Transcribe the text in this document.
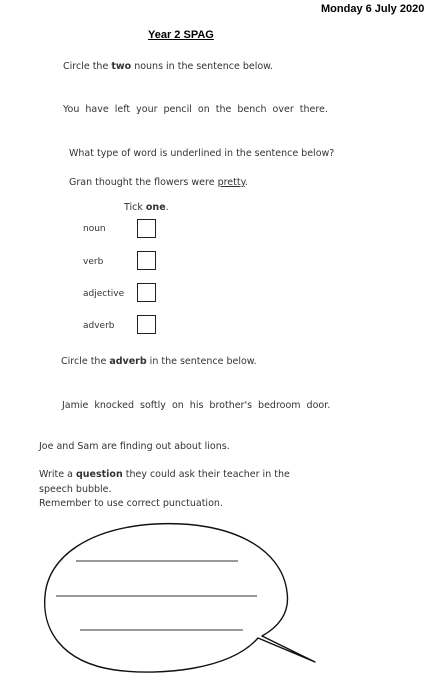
Monday 6 July 2020
Year 2 SPAG
Circle the two nouns in the sentence below.
You have left your pencil on the bench over there.
What type of word is underlined in the sentence below?
Gran thought the flowers were pretty.
Tick one.
noun
verb
adjective
adverb
Circle the adverb in the sentence below.
Jamie knocked softly on his brother's bedroom door.
Joe and Sam are finding out about lions.
Write a question they could ask their teacher in the
speech bubble.
Remember to use correct punctuation.
